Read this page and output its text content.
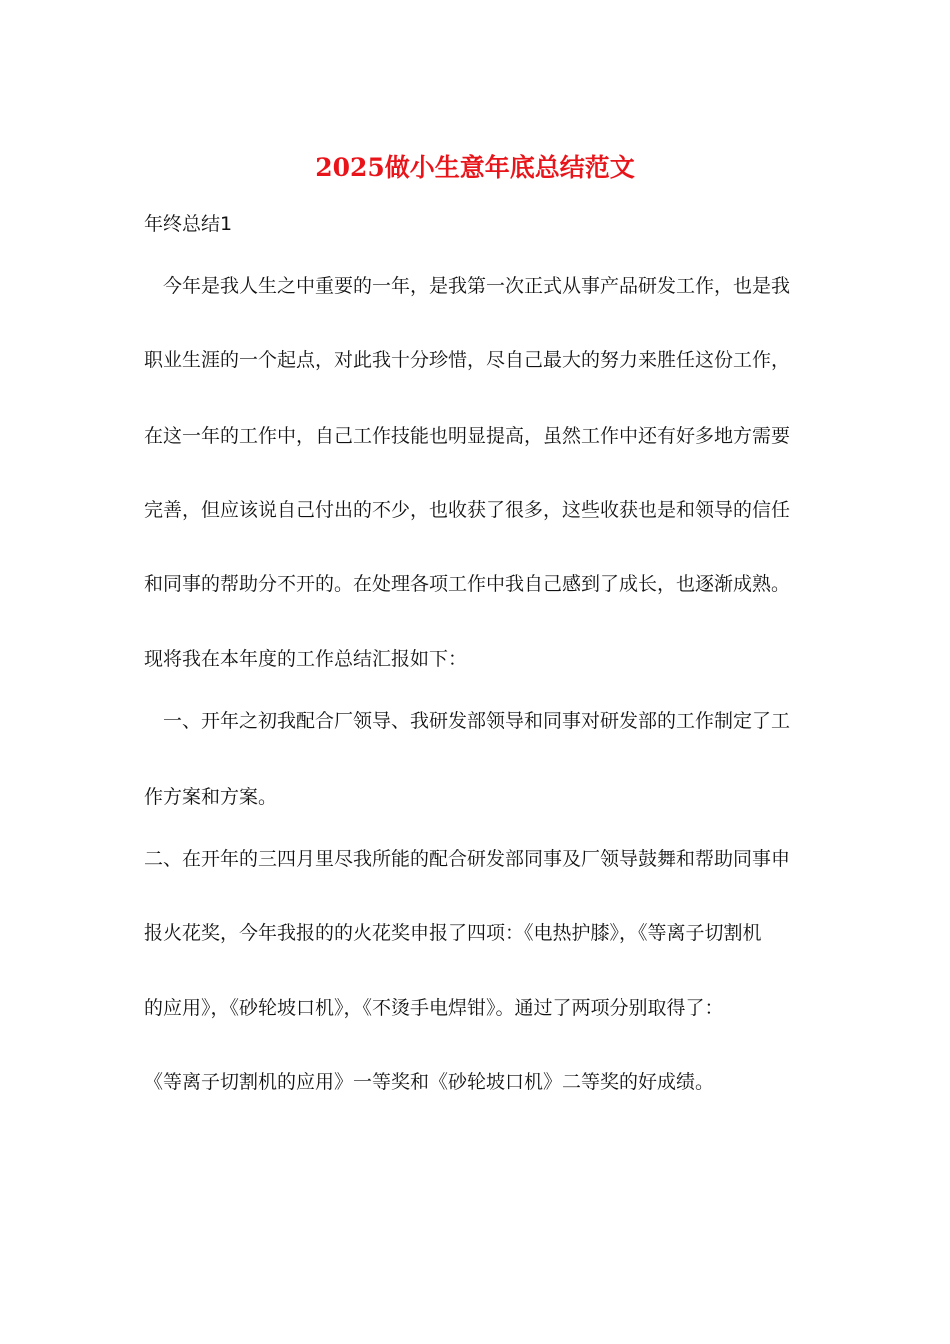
2025做小生意年底总结范文
年终总结1
　今年是我人生之中重要的一年，是我第一次正式从事产品研发工作，也是我
职业生涯的一个起点，对此我十分珍惜，尽自己最大的努力来胜任这份工作，
在这一年的工作中，自己工作技能也明显提高，虽然工作中还有好多地方需要
完善，但应该说自己付出的不少，也收获了很多，这些收获也是和领导的信任
和同事的帮助分不开的。在处理各项工作中我自己感到了成长，也逐渐成熟。
现将我在本年度的工作总结汇报如下：
　一、开年之初我配合厂领导、我研发部领导和同事对研发部的工作制定了工
作方案和方案。
二、在开年的三四月里尽我所能的配合研发部同事及厂领导鼓舞和帮助同事申
报火花奖，今年我报的的火花奖申报了四项：《电热护膝》，《等离子切割机
的应用》，《砂轮坡口机》，《不烫手电焊钳》。通过了两项分别取得了：
《等离子切割机的应用》一等奖和《砂轮坡口机》二等奖的好成绩。
